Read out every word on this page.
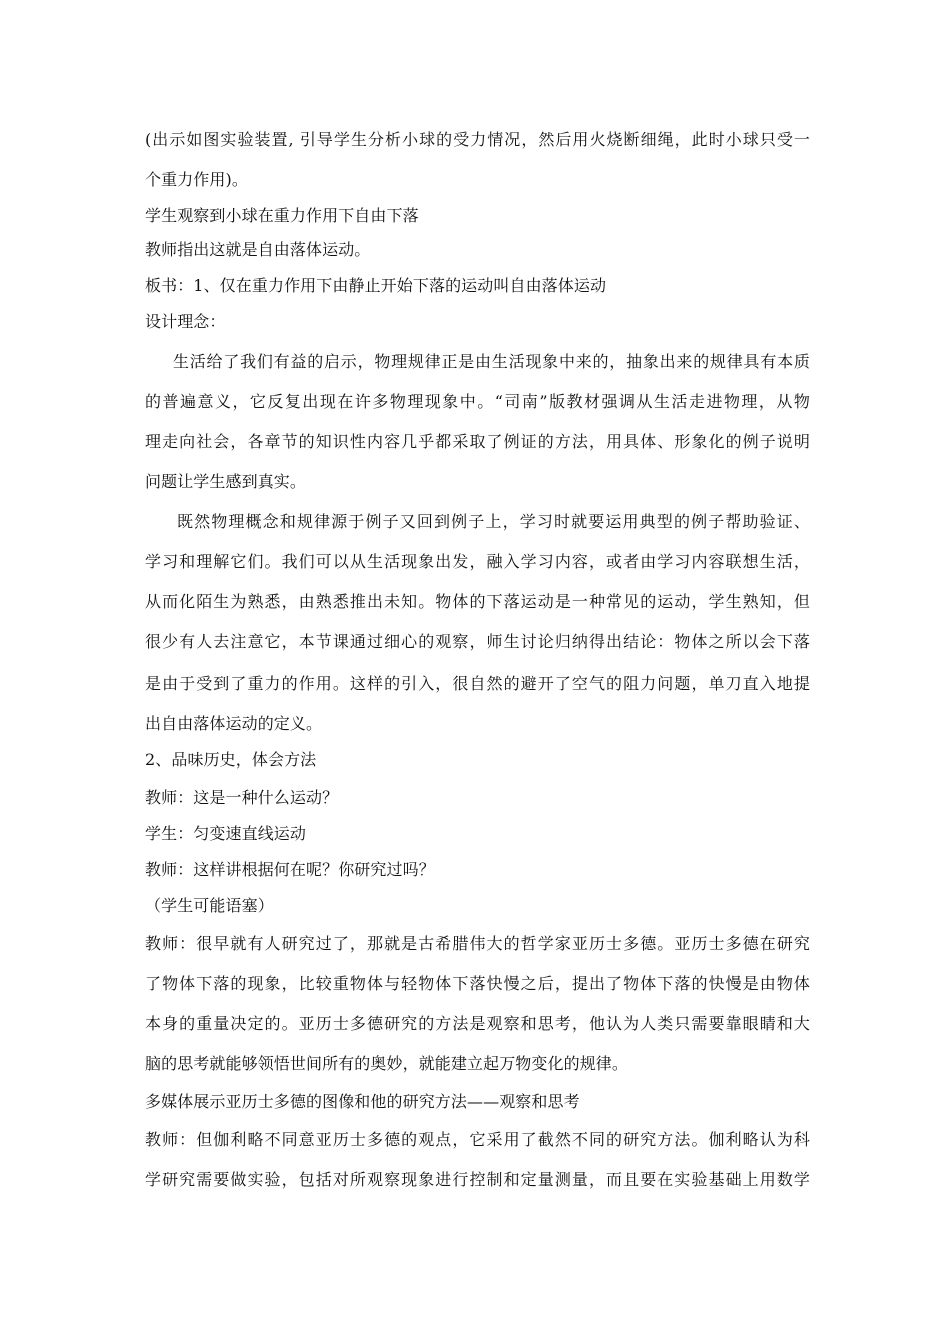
(出示如图实验装置, 引导学生分析小球的受力情况，然后用火烧断细绳，此时小球只受一
个重力作用)。
学生观察到小球在重力作用下自由下落
教师指出这就是自由落体运动。
板书：1、仅在重力作用下由静止开始下落的运动叫自由落体运动
设计理念：
生活给了我们有益的启示，物理规律正是由生活现象中来的，抽象出来的规律具有本质
的普遍意义，它反复出现在许多物理现象中。“司南”版教材强调从生活走进物理，从物
理走向社会，各章节的知识性内容几乎都采取了例证的方法，用具体、形象化的例子说明
问题让学生感到真实。
既然物理概念和规律源于例子又回到例子上，学习时就要运用典型的例子帮助验证、
学习和理解它们。我们可以从生活现象出发，融入学习内容，或者由学习内容联想生活，
从而化陌生为熟悉，由熟悉推出未知。物体的下落运动是一种常见的运动，学生熟知，但
很少有人去注意它，本节课通过细心的观察，师生讨论归纳得出结论：物体之所以会下落
是由于受到了重力的作用。这样的引入，很自然的避开了空气的阻力问题，单刀直入地提
出自由落体运动的定义。
2、品味历史，体会方法
教师：这是一种什么运动？
学生：匀变速直线运动
教师：这样讲根据何在呢？你研究过吗？
（学生可能语塞）
教师：很早就有人研究过了，那就是古希腊伟大的哲学家亚历士多德。亚历士多德在研究
了物体下落的现象，比较重物体与轻物体下落快慢之后，提出了物体下落的快慢是由物体
本身的重量决定的。亚历士多德研究的方法是观察和思考，他认为人类只需要靠眼睛和大
脑的思考就能够领悟世间所有的奥妙，就能建立起万物变化的规律。
多媒体展示亚历士多德的图像和他的研究方法——观察和思考
教师：但伽利略不同意亚历士多德的观点，它采用了截然不同的研究方法。伽利略认为科
学研究需要做实验，包括对所观察现象进行控制和定量测量，而且要在实验基础上用数学
